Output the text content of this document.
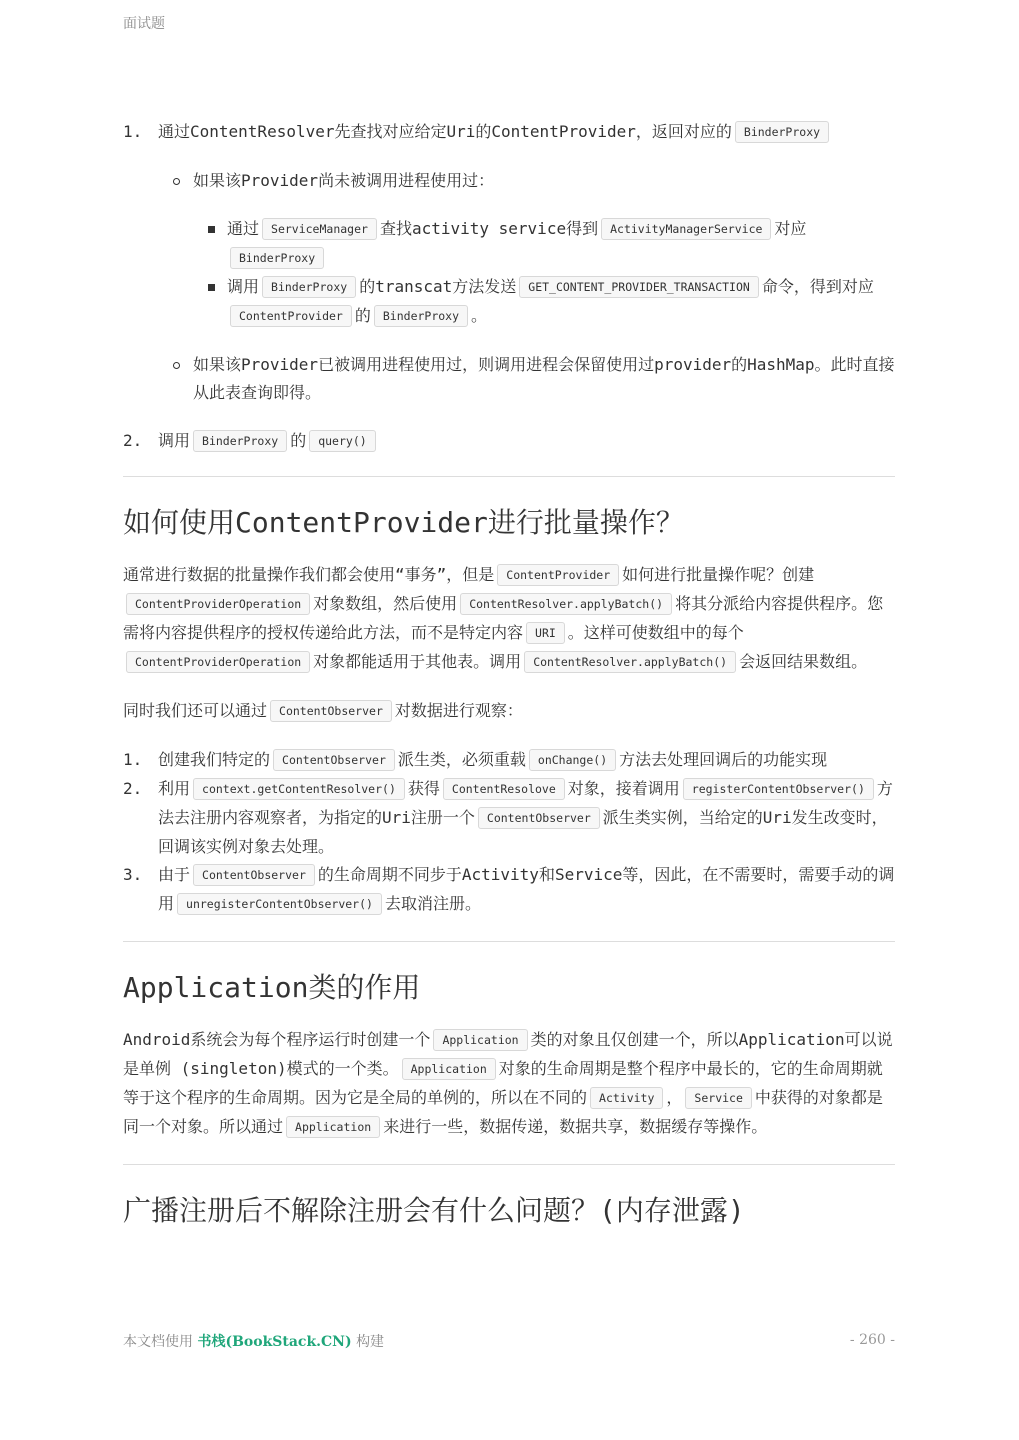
面试题
1. 通过ContentResolver先查找对应给定Uri的ContentProvider，返回对应的 BinderProxy
如果该Provider尚未被调用进程使用过：
通过 ServiceManager 查找activity service得到 ActivityManagerService 对应BinderProxy
调用 BinderProxy 的transcat方法发送 GET_CONTENT_PROVIDER_TRANSACTION 命令，得到对应ContentProvider 的 BinderProxy 。
如果该Provider已被调用进程使用过，则调用进程会保留使用过provider的HashMap。此时直接从此表查询即得。
2. 调用 BinderProxy 的 query()
如何使用ContentProvider进行批量操作？

通常进行数据的批量操作我们都会使用“事务”，但是 ContentProvider 如何进行批量操作呢？创建ContentProviderOperation 对象数组，然后使用 ContentResolver.applyBatch() 将其分派给内容提供程序。您需将内容提供程序的授权传递给此方法，而不是特定内容 URI 。这样可使数组中的每个ContentProviderOperation 对象都能适用于其他表。调用 ContentResolver.applyBatch() 会返回结果数组。

同时我们还可以通过 ContentObserver 对数据进行观察：

1. 创建我们特定的 ContentObserver 派生类，必须重载 onChange() 方法去处理回调后的功能实现
2. 利用 context.getContentResolver() 获得 ContentResolove 对象，接着调用 registerContentObserver() 方法去注册内容观察者，为指定的Uri注册一个 ContentObserver 派生类实例，当给定的Uri发生改变时，回调该实例对象去处理。
3. 由于 ContentObserver 的生命周期不同步于Activity和Service等，因此，在不需要时，需要手动的调用 unregisterContentObserver() 去取消注册。
Application类的作用

Android系统会为每个程序运行时创建一个 Application 类的对象且仅创建一个，所以Application可以说是单例 (singleton)模式的一个类。 Application 对象的生命周期是整个程序中最长的，它的生命周期就等于这个程序的生命周期。因为它是全局的单例的，所以在不同的 Activity ， Service 中获得的对象都是同一个对象。所以通过 Application 来进行一些，数据传递，数据共享，数据缓存等操作。

广播注册后不解除注册会有什么问题？(内存泄露)
本文档使用 书栈(BookStack.CN) 构建	- 260 -
